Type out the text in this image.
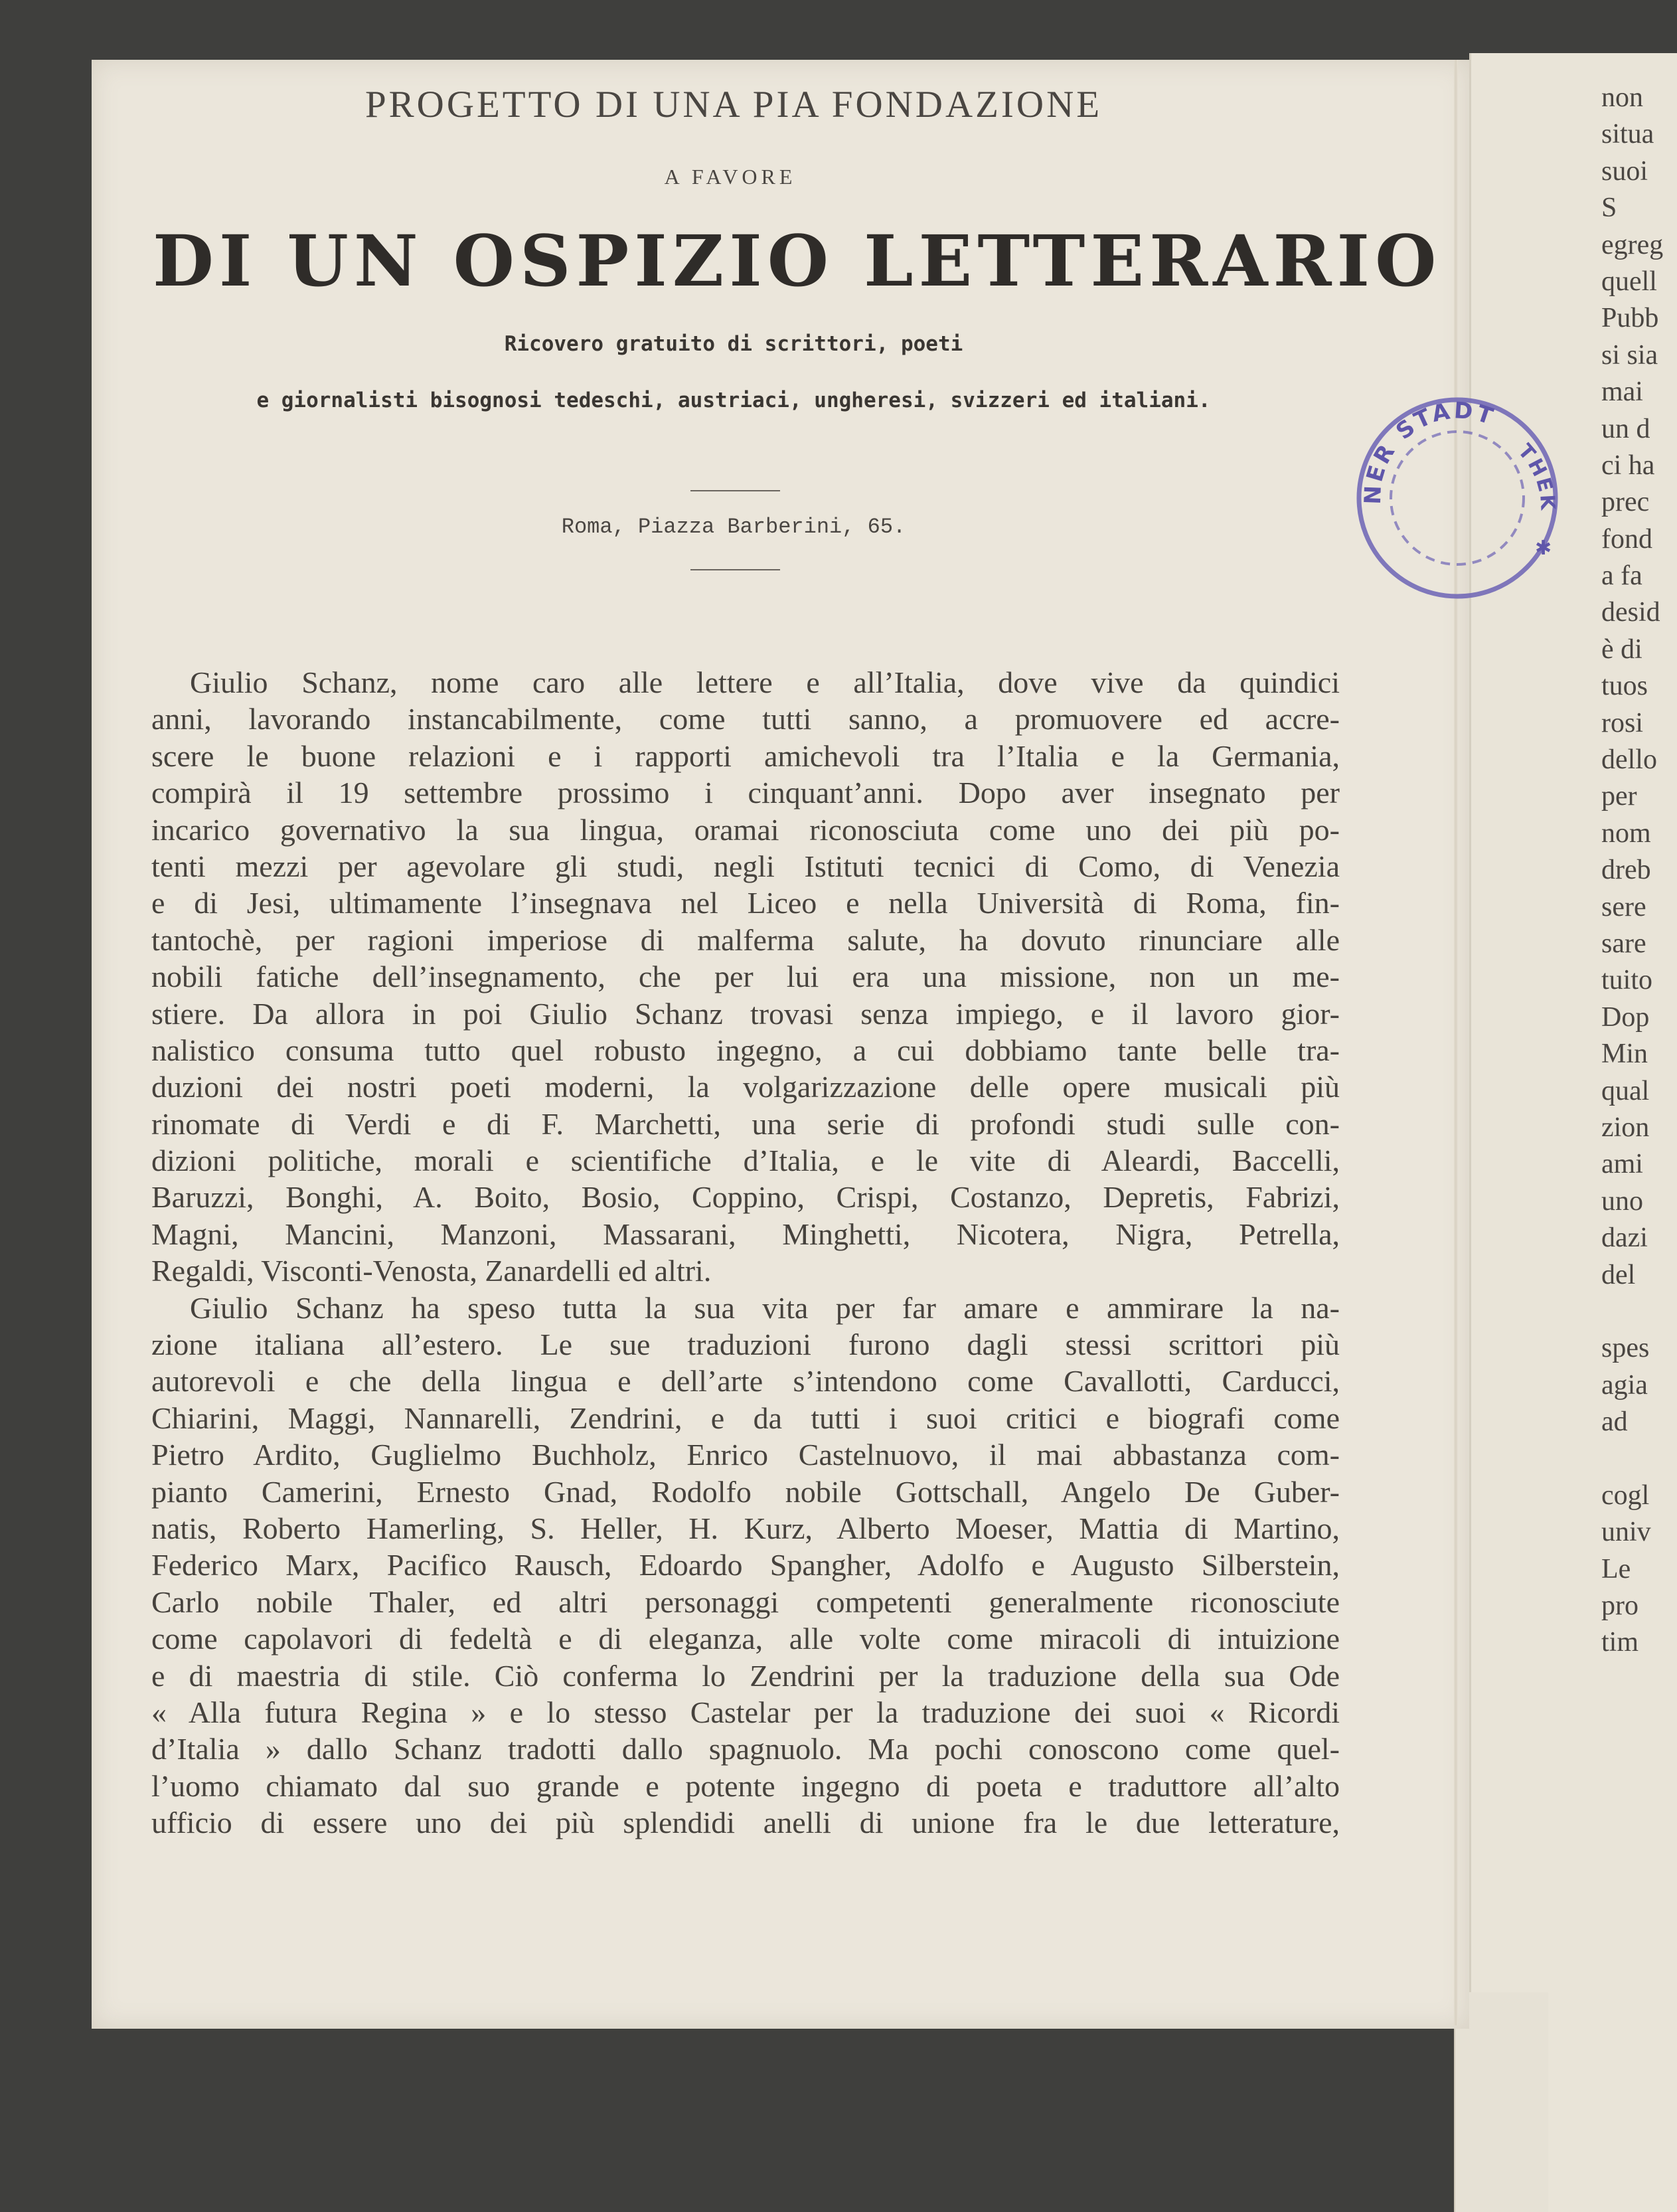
PROGETTO DI UNA PIA FONDAZIONE
A FAVORE
DI UN OSPIZIO LETTERARIO
Ricovero gratuito di scrittori, poeti
e giornalisti bisognosi tedeschi, austriaci, ungheresi, svizzeri ed italiani.
Roma, Piazza Barberini, 65.
NER STADT
THEK
✱
Giulio Schanz, nome caro alle lettere e all’Italia, dove vive da quindici
anni, lavorando instancabilmente, come tutti sanno, a promuovere ed accre-
scere le buone relazioni e i rapporti amichevoli tra l’Italia e la Germania,
compirà il 19 settembre prossimo i cinquant’anni. Dopo aver insegnato per
incarico governativo la sua lingua, oramai riconosciuta come uno dei più po-
tenti mezzi per agevolare gli studi, negli Istituti tecnici di Como, di Venezia
e di Jesi, ultimamente l’insegnava nel Liceo e nella Università di Roma, fin-
tantochè, per ragioni imperiose di malferma salute, ha dovuto rinunciare alle
nobili fatiche dell’insegnamento, che per lui era una missione, non un me-
stiere. Da allora in poi Giulio Schanz trovasi senza impiego, e il lavoro gior-
nalistico consuma tutto quel robusto ingegno, a cui dobbiamo tante belle tra-
duzioni dei nostri poeti moderni, la volgarizzazione delle opere musicali più
rinomate di Verdi e di F. Marchetti, una serie di profondi studi sulle con-
dizioni politiche, morali e scientifiche d’Italia, e le vite di Aleardi, Baccelli,
Baruzzi, Bonghi, A. Boito, Bosio, Coppino, Crispi, Costanzo, Depretis, Fabrizi,
Magni, Mancini, Manzoni, Massarani, Minghetti, Nicotera, Nigra, Petrella,
Regaldi, Visconti-Venosta, Zanardelli ed altri.
Giulio Schanz ha speso tutta la sua vita per far amare e ammirare la na-
zione italiana all’estero. Le sue traduzioni furono dagli stessi scrittori più
autorevoli e che della lingua e dell’arte s’intendono come Cavallotti, Carducci,
Chiarini, Maggi, Nannarelli, Zendrini, e da tutti i suoi critici e biografi come
Pietro Ardito, Guglielmo Buchholz, Enrico Castelnuovo, il mai abbastanza com-
pianto Camerini, Ernesto Gnad, Rodolfo nobile Gottschall, Angelo De Guber-
natis, Roberto Hamerling, S. Heller, H. Kurz, Alberto Moeser, Mattia di Martino,
Federico Marx, Pacifico Rausch, Edoardo Spangher, Adolfo e Augusto Silberstein,
Carlo nobile Thaler, ed altri personaggi competenti generalmente riconosciute
come capolavori di fedeltà e di eleganza, alle volte come miracoli di intuizione
e di maestria di stile. Ciò conferma lo Zendrini per la traduzione della sua Ode
« Alla futura Regina » e lo stesso Castelar per la traduzione dei suoi « Ricordi
d’Italia » dallo Schanz tradotti dallo spagnuolo. Ma pochi conoscono come quel-
l’uomo chiamato dal suo grande e potente ingegno di poeta e traduttore all’alto
ufficio di essere uno dei più splendidi anelli di unione fra le due letterature,
non
situa
suoi
S
egreg
quell
Pubb
si sia
mai
un d
ci ha
prec
fond
a fa
desid
è di
tuos
rosi
dello
per
nom
dreb
sere
sare
tuito
Dop
Min
qual
zion
ami
uno
dazi
del
spes
agia
ad
cogl
univ
Le
pro
tim
